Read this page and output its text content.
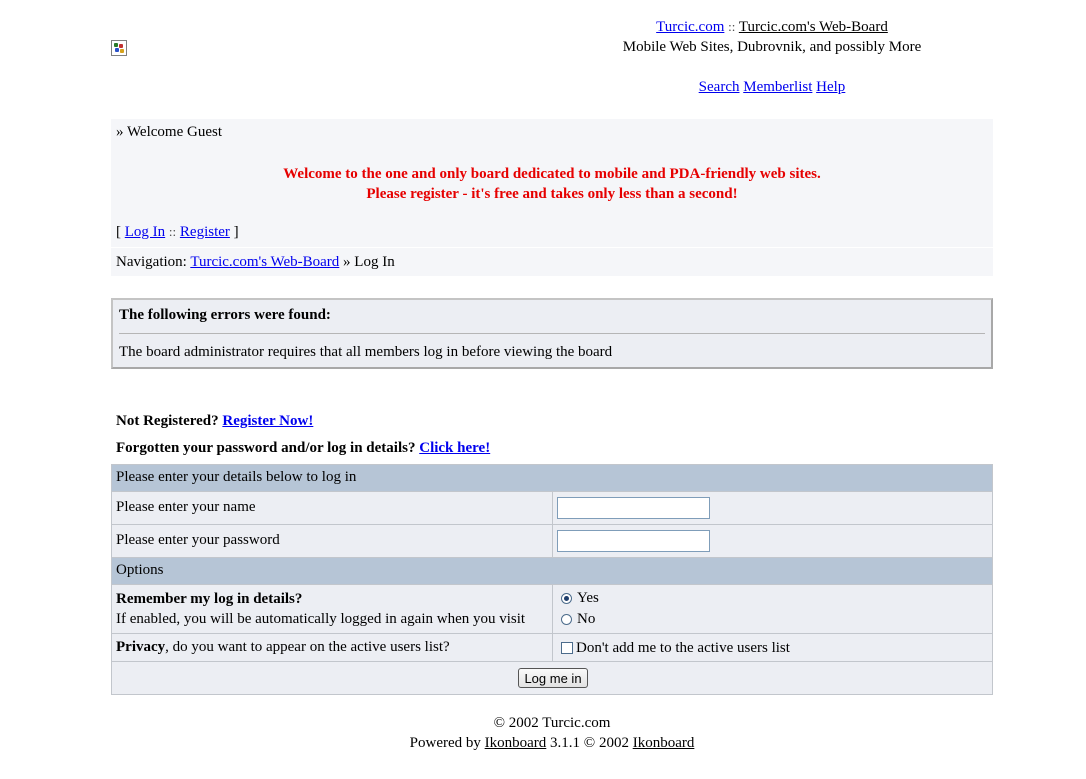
Turcic.com :: Turcic.com's Web-Board
Mobile Web Sites, Dubrovnik, and possibly More
Search Memberlist Help
» Welcome Guest
Welcome to the one and only board dedicated to mobile and PDA-friendly web sites.
Please register - it's free and takes only less than a second!
[ Log In :: Register ]
Navigation: Turcic.com's Web-Board » Log In
The following errors were found:
The board administrator requires that all members log in before viewing the board
Not Registered? Register Now!
Forgotten your password and/or log in details? Click here!
Please enter your details below to log in
Please enter your name
Please enter your password
Options
Remember my log in details?
If enabled, you will be automatically logged in again when you visit
Yes
No
Privacy, do you want to appear on the active users list?	Don't add me to the active users list
Log me in
© 2002 Turcic.com
Powered by Ikonboard 3.1.1 © 2002 Ikonboard
